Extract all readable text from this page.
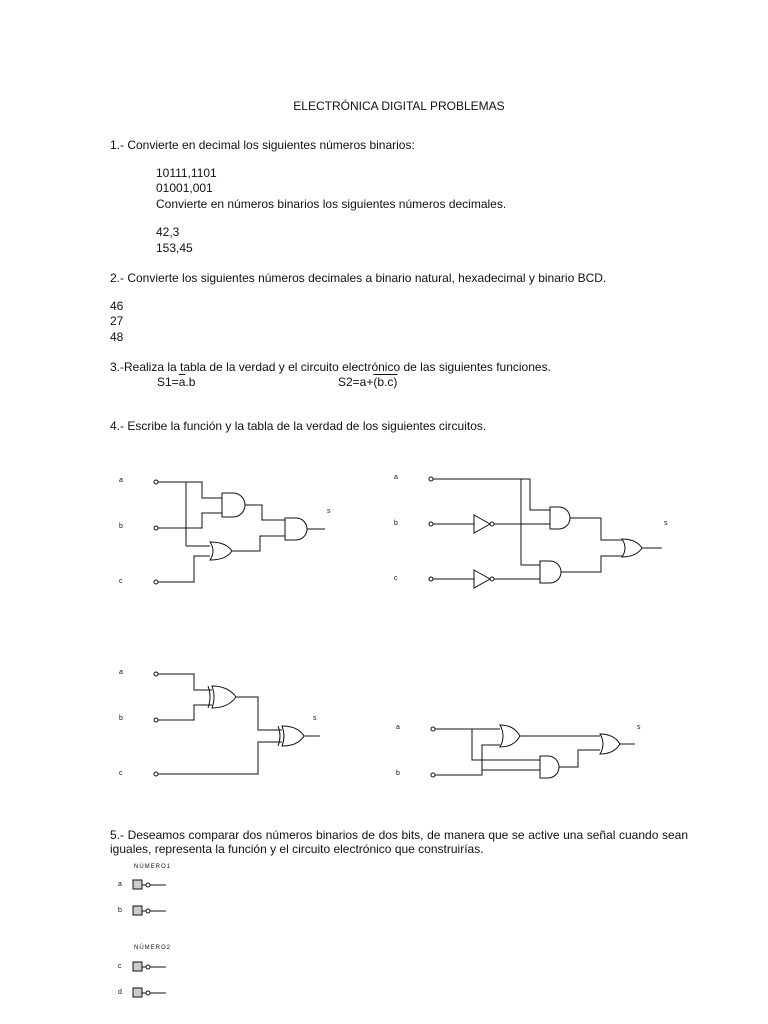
ELECTRÓNICA DIGITAL PROBLEMAS
1.- Convierte en decimal los siguientes números binarios:
10111,1101
01001,001
Convierte en números binarios los siguientes números decimales.
42,3
153,45
2.- Convierte los siguientes números decimales a binario natural, hexadecimal y binario BCD.
46
27
48
3.-Realiza la tabla de la verdad y el circuito electrónico de las siguientes funciones.
$S1=\overline{a}.b$	S2=a+(b.c)
4.- Escribe la función y la tabla de la verdad de los siguientes circuitos.
a
b
c
s
a
b
c
s
a
b
c
s
a
b
s
5.- Deseamos comparar dos números binarios de dos bits, de manera que se active una señal cuando sean iguales, representa la función y el circuito electrónico que construirías.
NÚMERO1
a
b
NÚMERO2
c
d
